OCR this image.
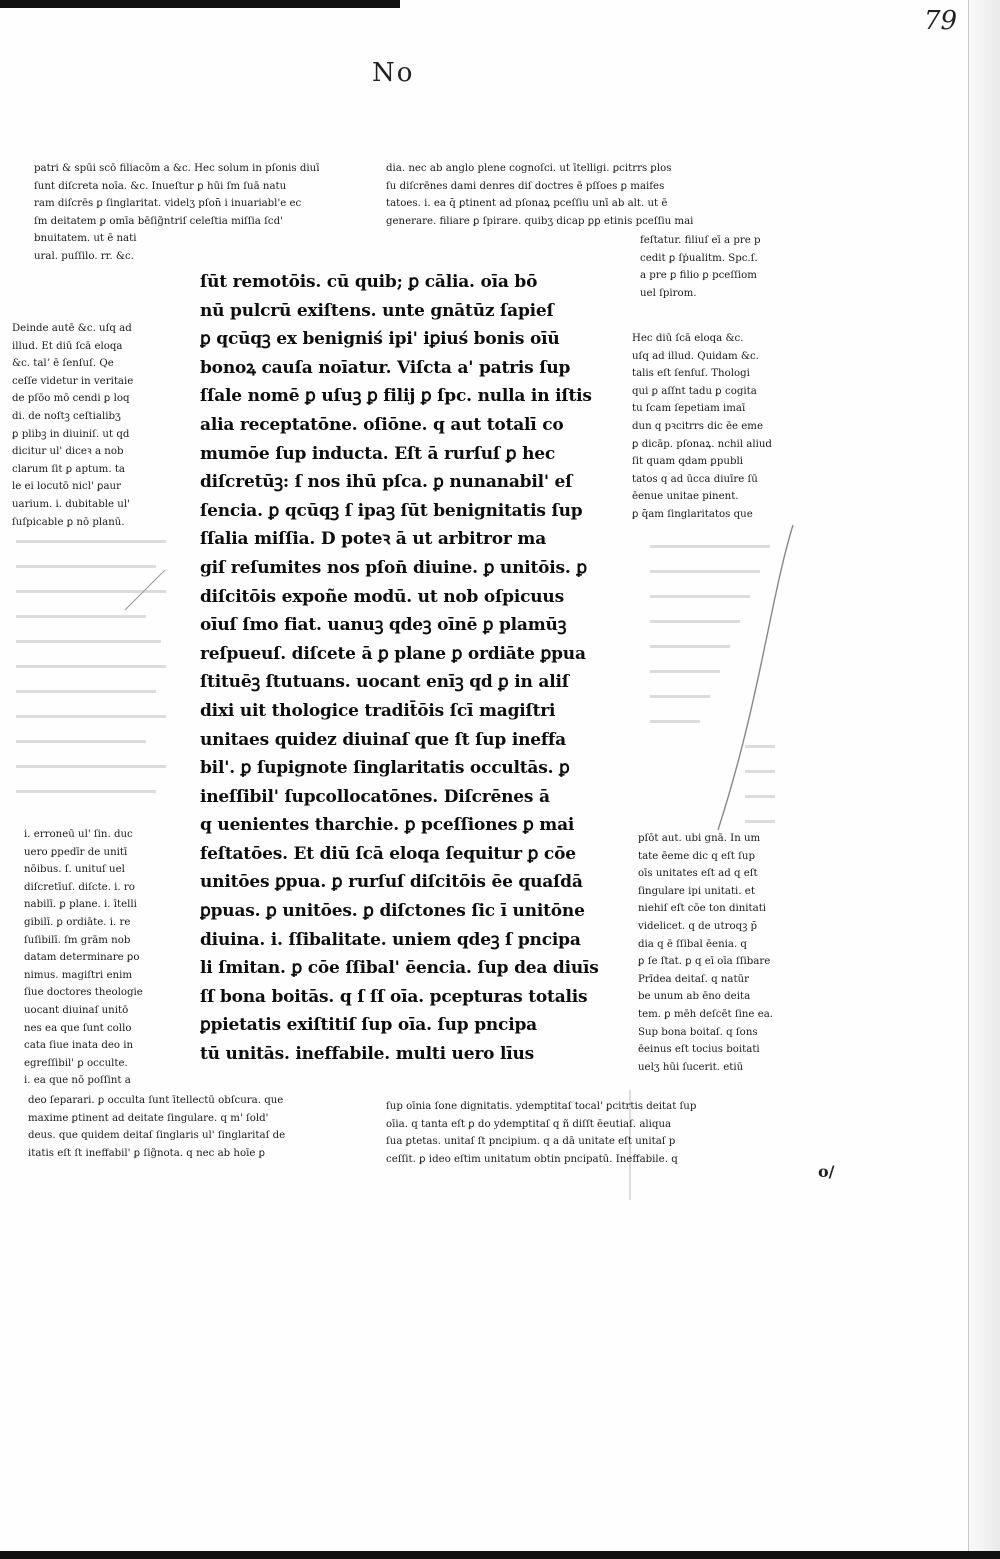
79
No
patri & spūi scō filiacōm a &c. Hec solum in pſonis diuī
ſunt diſcreta noīa. &c. Inueſtur ꝑ hūi ſm ſuā natu
ram diſcrēs ꝑ ſinglaritat. videlʒ pſon̄ i inuariabl'e ec
ſm deitatem ꝑ omīa bēſig̃ntriſ celeſtia miſſia ſcd'
bnuitatem. ut ē nati
ural. puſſilo. rr. &c.
dia. nec ab anglo plene cognoſci. ut ītelligi. ꝑcitrrs ꝑlos
ſu diſcrēnes dami denres diſ doctres ē pſſoes ꝑ maifes
tatoes. i. ea q̄ ꝑtinent ad pſonaꝝ pceſſiu unī ab alt. ut ē
generare. filiare ꝑ ſpirare. quibʒ dicap ꝑꝑ etinis pceſſiu mai
feſtatur. filiuſ eī a pre p
cedit ꝑ ſṗualitm. Spc.ſ.
a pre ꝑ filio ꝑ pceſſiom
uel ſpirom.
Deinde autē &c. uſq ad
illud. Et diū ſcā eloqa
&c. talʼ ē ſenſuſ. Qe
ceſſe videtur in veritaie
de pſōo mō cendi ꝑ loq
di. de noſtꝫ ceſtialibʒ
ꝑ plibꝫ in diuiniſ. ut qd
dicitur ul' diceꝛ a nob
clarum ſit ꝑ aptum. ta
le ei locutō nicl' ꝑaur
uarium. i. dubitable ul'
ſuſpicable ꝑ nō planū.
Hec diū ſcā eloqa &c.
uſq ad illud. Quidam &c.
talis eſt ſenſuſ. Thologi
qui ꝑ aſſnt tadu ꝑ cogita
tu ſcam ſepetiam imaī
dun q pꝛcitrrs dic ēe eme
ꝑ dicāp. pſonaꝝ. nchil aliud
ſit quam qdam ꝑpubli
tatos q ad ūcca diuīre ſū
ēenue unitae pinent.
ꝑ q̄am ſinglaritatos que
ſūt remotōis. cū quib; ꝑ cālia. oīa bō
nū pulcrū exiſtens. unte gnātūz ſapieſ
ꝑ qcūqꝫ ex benigniś ipi' iꝑiuś bonis oīū
bonoꝝ cauſa noīatur. Viſcta a' patris ſup
ſſale nomē ꝑ uſuꝫ ꝑ filij ꝑ ſpc. nulla in iſtis
alia receptatōne. oſiōne. q aut totalī co
mumōe ſup inducta. Eſt ā rurſuſ ꝑ hec
diſcretūꝫ: ſ nos ihū pſca. ꝑ nunanabil' eſ
ſencia. ꝑ qcūqꝫ ſ ipaꝫ ſūt benignitatis ſup
ſſalia miſſia. D poteꝛ ā ut arbitror ma
giſ reſumites nos pſon̄ diuine. ꝑ unitōis. ꝑ
diſcitōis expoñe modū. ut nob oſpicuus
oīuſ ſmo fiat. uanuꝫ qdeꝫ oīnē ꝑ plamūꝫ
reſpueuſ. diſcete ā ꝑ plane ꝑ ordiāte ꝑpua
ſtituēꝫ ſtutuans. uocant enīꝫ qd ꝑ in aliſ
dixi uit thologice tradit̄ōis ſcī magiſtri
unitaes quidez diuinaſ que ſt ſup ineffa
bil'. ꝑ ſupignote ſinglaritatis occultās. ꝑ
ineſſibil' ſupcollocatōnes. Diſcrēnes ā
q uenientes tharchie. ꝑ pceſſiones ꝑ mai
feſtatōes. Et diū ſcā eloqa ſequitur ꝑ cōe
unitōes ꝑpua. ꝑ rurſuſ diſcitōis ēe quaſdā
ꝑpuas. ꝑ unitōes. ꝑ diſctones ſic ī unitōne
diuina. i. ſſibalitate. uniem qdeꝫ ſ pncipa
li ſmitan. ꝑ cōe ſſibal' ēencia. ſup dea diuīs
ſſ bona boitās. q ſ ſſ oīa. pcepturas totalis
ꝑpietatis exiſtitiſ ſup oīa. ſup pncipa
tū unitās. ineffabile. multi uero līus
i. erroneū ul' ſin. duc
uero ꝑpedīr de unitī
nōibus. ſ. unituſ uel
diſcretīuſ. diſcte. i. ro
nabilī. ꝑ plane. i. ītelli
gibilī. ꝑ ordiāte. i. re
ſuſibilī. ſm grām nob
datam determinare ꝑo
nimus. magiſtri enim
ſiue doctores theologie
uocant diuinaſ unitō
nes ea que ſunt collo
cata ſiue inata deo in
egreſſibil' ꝑ occulte.
i. ea que nō poſſint a
pſōt aut. ubi gnā. In um
tate ēeme dic q eſt ſup
oīs unitates eſt ad q eſt
ſingulare ipi unitati. et
niehiſ eſt cōe ton dinitati
videlicet. q de utroqꝫ p̄
dia q ē ſſibal ēenia. q
ꝑ ſe ſtat. ꝑ q eī oīa ſſibare
Prīdea deitaſ. q natūr
be unum ab ēno deita
tem. ꝑ mēh deſcēt ſine ea.
Sup bona boitaſ. q ſons
ēeinus eſt tocius boitati
uelʒ hūi ſucerit. etiū
deo ſeparari. ꝑ occulta ſunt ītellectū obſcura. que
maxime ꝑtinent ad deitate ſingulare. q m' ſold'
deus. que quidem deitaſ ſinglaris ul' ſinglaritaſ de
itatis eſt ſt ineffabil' ꝑ ſig̃nota. q nec ab hoīe ꝑ
ſup oīnia ſone dignitatis. ydemptitaſ tocal' ꝑcitrtis deitat ſup
oīia. q tanta eſt ꝑ do ydemptitaſ q ñ diſſt ēeutiaſ. aliqua
ſua ꝑtetas. unitaſ ſt pncipium. q a dā unitate eſt unitaſ p
ceſſit. ꝑ ideo eſtim unitatum obtin pncipatū. Ineffabile. q
o/
